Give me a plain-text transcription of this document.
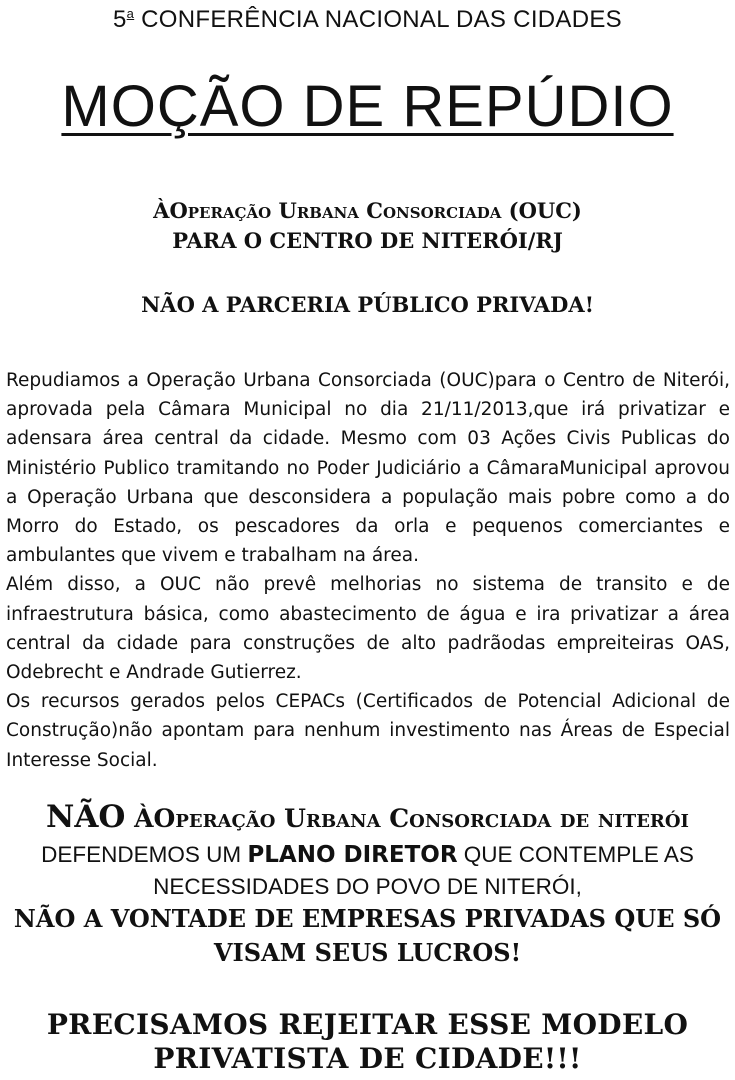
5$^a$ CONFERÊNCIA NACIONAL DAS CIDADES
MOÇÃO DE REPÚDIO
ÀOperação Urbana Consorciada (OUC)
PARA O CENTRO DE NITERÓI/RJ
NÃO A PARCERIA PÚBLICO PRIVADA!

Repudiamos a Operação Urbana Consorciada (OUC)para o Centro de Niterói, aprovada pela Câmara Municipal no dia 21/11/2013,que irá privatizar e adensara área central da cidade. Mesmo com 03 Ações Civis Publicas do Ministério Publico tramitando no Poder Judiciário a CâmaraMunicipal aprovou a Operação Urbana que desconsidera a população mais pobre como a do Morro do Estado, os pescadores da orla e pequenos comerciantes e ambulantes que vivem e trabalham na área.

Além disso, a OUC não prevê melhorias no sistema de transito e de infraestrutura básica, como abastecimento de água e ira privatizar a área central da cidade para construções de alto padrãodas empreiteiras OAS, Odebrecht e Andrade Gutierrez.

Os recursos gerados pelos CEPACs (Certificados de Potencial Adicional de Construção)não apontam para nenhum investimento nas Áreas de Especial Interesse Social.

NÃO ÀOperação Urbana Consorciada de niterói
DEFENDEMOS UM PLANO DIRETOR QUE CONTEMPLE AS
NECESSIDADES DO POVO DE NITERÓI,
NÃO A VONTADE DE EMPRESAS PRIVADAS QUE SÓ
VISAM SEUS LUCROS!
PRECISAMOS REJEITAR ESSE MODELO
PRIVATISTA DE CIDADE!!!
